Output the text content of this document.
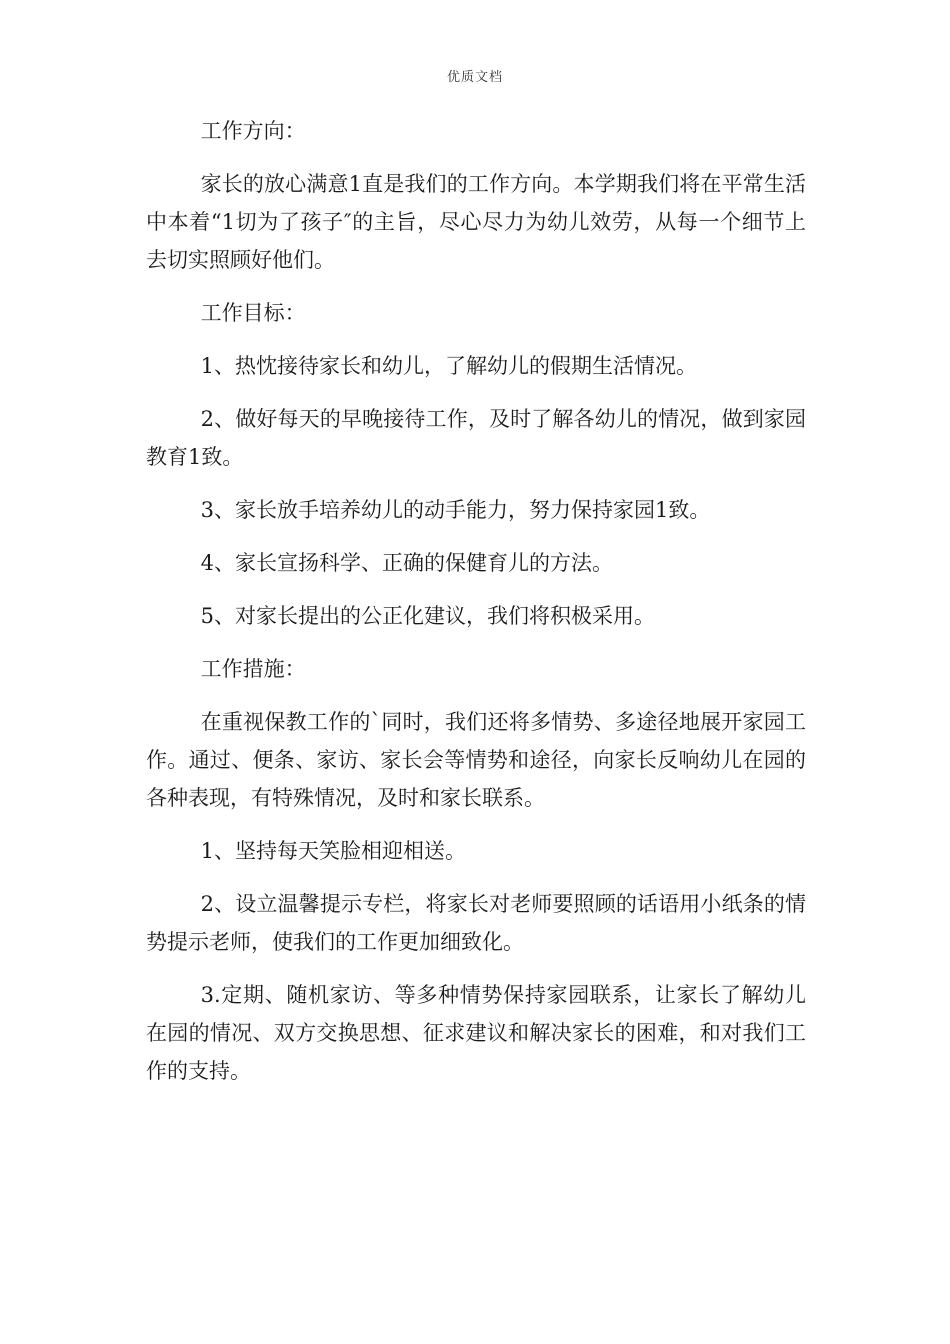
优质文档

工作方向：

家长的放心满意1直是我们的工作方向。本学期我们将在平常生活中本着“1切为了孩子″的主旨，尽心尽力为幼儿效劳，从每一个细节上去切实照顾好他们。

工作目标：

1、热忱接待家长和幼儿，了解幼儿的假期生活情况。

2、做好每天的早晚接待工作，及时了解各幼儿的情况，做到家园教育1致。

3、家长放手培养幼儿的动手能力，努力保持家园1致。

4、家长宣扬科学、正确的保健育儿的方法。

5、对家长提出的公正化建议，我们将积极采用。

工作措施：

在重视保教工作的`同时，我们还将多情势、多途径地展开家园工作。通过、便条、家访、家长会等情势和途径，向家长反响幼儿在园的各种表现，有特殊情况，及时和家长联系。

1、坚持每天笑脸相迎相送。

2、设立温馨提示专栏，将家长对老师要照顾的话语用小纸条的情势提示老师，使我们的工作更加细致化。

3.定期、随机家访、等多种情势保持家园联系，让家长了解幼儿在园的情况、双方交换思想、征求建议和解决家长的困难，和对我们工作的支持。
